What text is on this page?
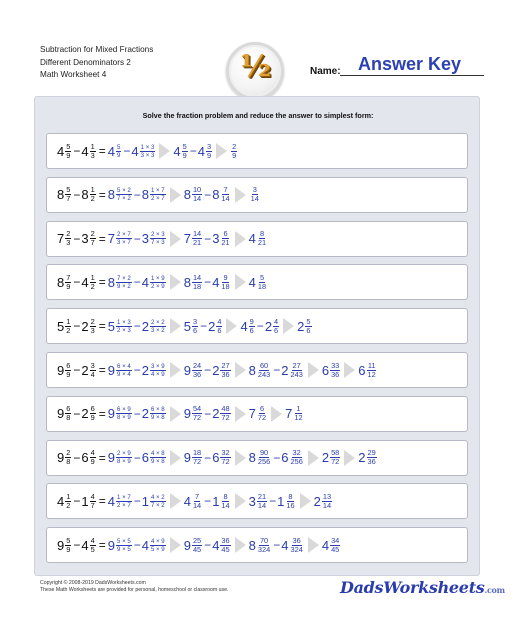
Subtraction for Mixed Fractions
Different Denominators 2
Math Worksheet 4	½	Name: Answer Key
Solve the fraction problem and reduce the answer to simplest form:
$4 \frac{5}{9} - 4 \frac{1}{3} = 4 \frac{5}{9} - 4 \frac{1 \times 3}{3 \times 3} 4 \frac{5}{9} - 4 \frac{3}{9}$	$\frac{2}{9}$
$8 \frac{5}{7} - 8 \frac{1}{2} = 8 \frac{5 \times 2}{7 \times 2} - 8 \frac{1 \times 7}{2 \times 7} 8 \frac{10}{14} - 8 \frac{7}{14}$	$\frac{3}{14}$
$7 \frac{2}{3} - 3 \frac{2}{7} = 7 \frac{2 \times 7}{3 \times 7} - 3 \frac{2 \times 3}{7 \times 3} 7 \frac{14}{21} - 3 \frac{6}{21} 4 \frac{8}{21}$
$8 \frac{7}{9} - 4 \frac{1}{2} = 8 \frac{7 \times 2}{9 \times 2} - 4 \frac{1 \times 9}{2 \times 9} 8 \frac{14}{18} - 4 \frac{9}{18} 4 \frac{5}{18}$
$5 \frac{1}{2} - 2 \frac{2}{3} = 5 \frac{1 \times 3}{2 \times 3} - 2 \frac{2 \times 2}{3 \times 2} 5 \frac{3}{6} - 2 \frac{4}{6} 4 \frac{9}{6} - 2 \frac{4}{6} 2 \frac{5}{6}$
$9 \frac{6}{9} - 2 \frac{3}{4} = 9 \frac{6 \times 4}{9 \times 4} - 2 \frac{3 \times 9}{4 \times 9} 9 \frac{24}{36} - 2 \frac{27}{36} 8 \frac{60}{243} - 2 \frac{27}{243} 6 \frac{33}{36} 6 \frac{11}{12}$
$9 \frac{6}{8} - 2 \frac{6}{9} = 9 \frac{6 \times 9}{8 \times 9} - 2 \frac{6 \times 8}{9 \times 8} 9 \frac{54}{72} - 2 \frac{48}{72} 7 \frac{6}{72} 7 \frac{1}{12}$
$9 \frac{2}{8} - 6 \frac{4}{9} = 9 \frac{2 \times 9}{8 \times 9} - 6 \frac{4 \times 8}{9 \times 8} 9 \frac{18}{72} - 6 \frac{32}{72} 8 \frac{90}{256} - 6 \frac{32}{256} 2 \frac{58}{72} 2 \frac{29}{36}$
$4 \frac{1}{2} - 1 \frac{4}{7} = 4 \frac{1 \times 7}{2 \times 7} - 1 \frac{4 \times 2}{7 \times 2} 4 \frac{7}{14} - 1 \frac{8}{14} 3 \frac{21}{14} - 1 \frac{8}{16} 2 \frac{13}{14}$
$9 \frac{5}{9} - 4 \frac{4}{5} = 9 \frac{5 \times 5}{9 \times 5} - 4 \frac{4 \times 9}{5 \times 9} 9 \frac{25}{45} - 4 \frac{36}{45} 8 \frac{70}{324} - 4 \frac{36}{324} 4 \frac{34}{45}$
Copyright © 2008-2019 DadsWorksheets.com
These Math Worksheets are provided for personal, homeschool or classroom use.	DadsWorksheets.com
